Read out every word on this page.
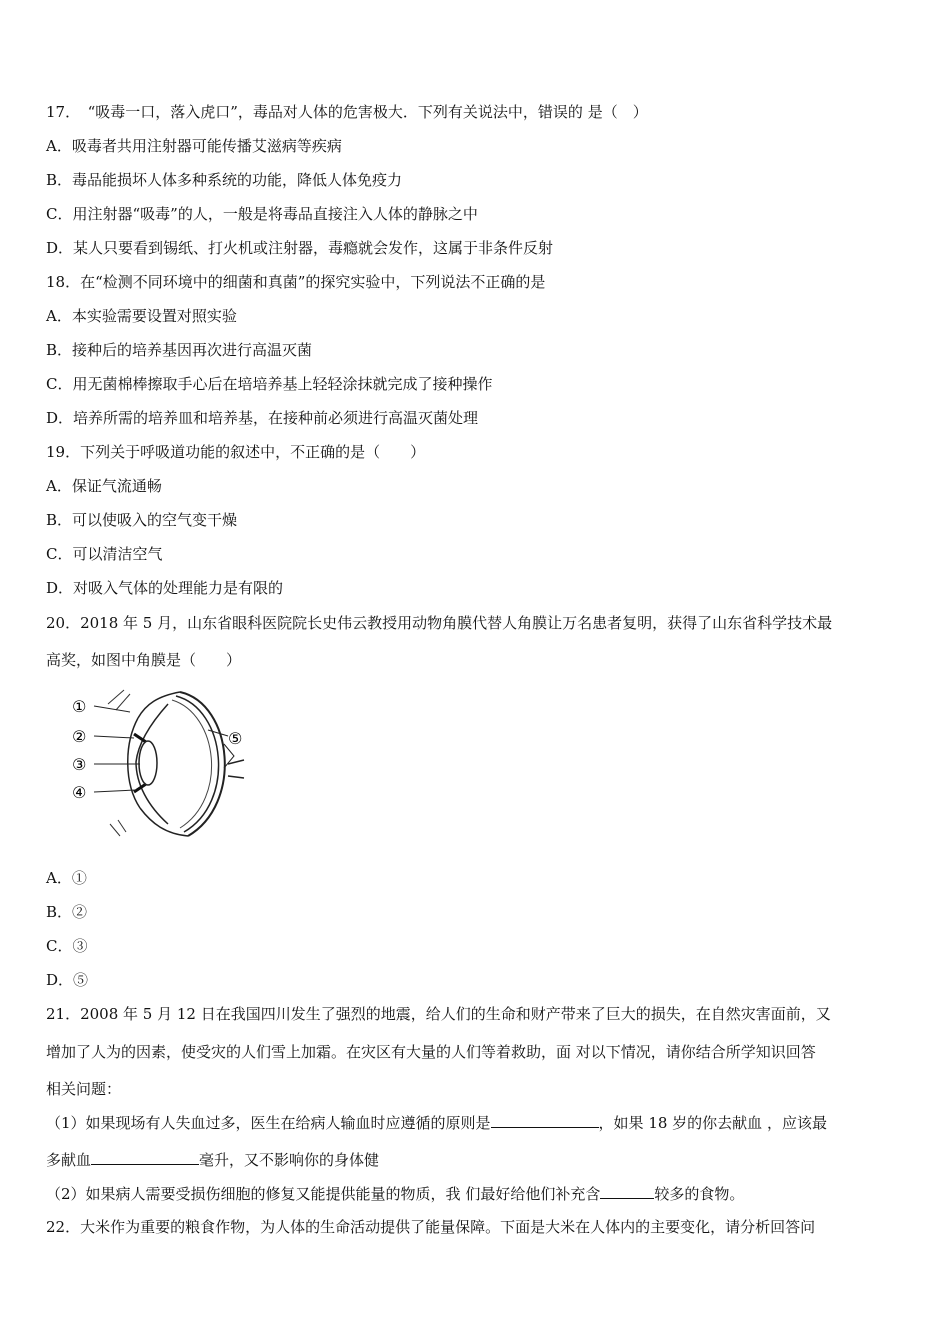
17．　“吸毒一口，落入虎口”，毒品对人体的危害极大．下列有关说法中，错误的 是（　）
A．吸毒者共用注射器可能传播艾滋病等疾病
B．毒品能损坏人体多种系统的功能，降低人体免疫力
C．用注射器“吸毒”的人，一般是将毒品直接注入人体的静脉之中
D．某人只要看到锡纸、打火机或注射器，毒瘾就会发作，这属于非条件反射
18．在“检测不同环境中的细菌和真菌”的探究实验中，下列说法不正确的是
A．本实验需要设置对照实验
B．接种后的培养基因再次进行高温灭菌
C．用无菌棉棒擦取手心后在培培养基上轻轻涂抹就完成了接种操作
D．培养所需的培养皿和培养基，在接种前必须进行高温灭菌处理
19．下列关于呼吸道功能的叙述中，不正确的是（　　）
A．保证气流通畅
B．可以使吸入的空气变干燥
C．可以清洁空气
D．对吸入气体的处理能力是有限的
20．2018 年 5 月，山东省眼科医院院长史伟云教授用动物角膜代替人角膜让万名患者复明，获得了山东省科学技术最
高奖，如图中角膜是（　　）
①
②
③
④
⑤
A．①
B．②
C．③
D．⑤
21．2008 年 5 月 12 日在我国四川发生了强烈的地震，给人们的生命和财产带来了巨大的损失，在自然灾害面前，又
增加了人为的因素，使受灾的人们雪上加霜。在灾区有大量的人们等着救助，面 对以下情况，请你结合所学知识回答
相关问题：
（1）如果现场有人失血过多，医生在给病人输血时应遵循的原则是	，如果 18 岁的你去献血 ，应该最
多献血	毫升，又不影响你的身体健
（2）如果病人需要受损伤细胞的修复又能提供能量的物质，我 们最好给他们补充含	较多的食物。
22．大米作为重要的粮食作物，为人体的生命活动提供了能量保障。下面是大米在人体内的主要变化，请分析回答问
